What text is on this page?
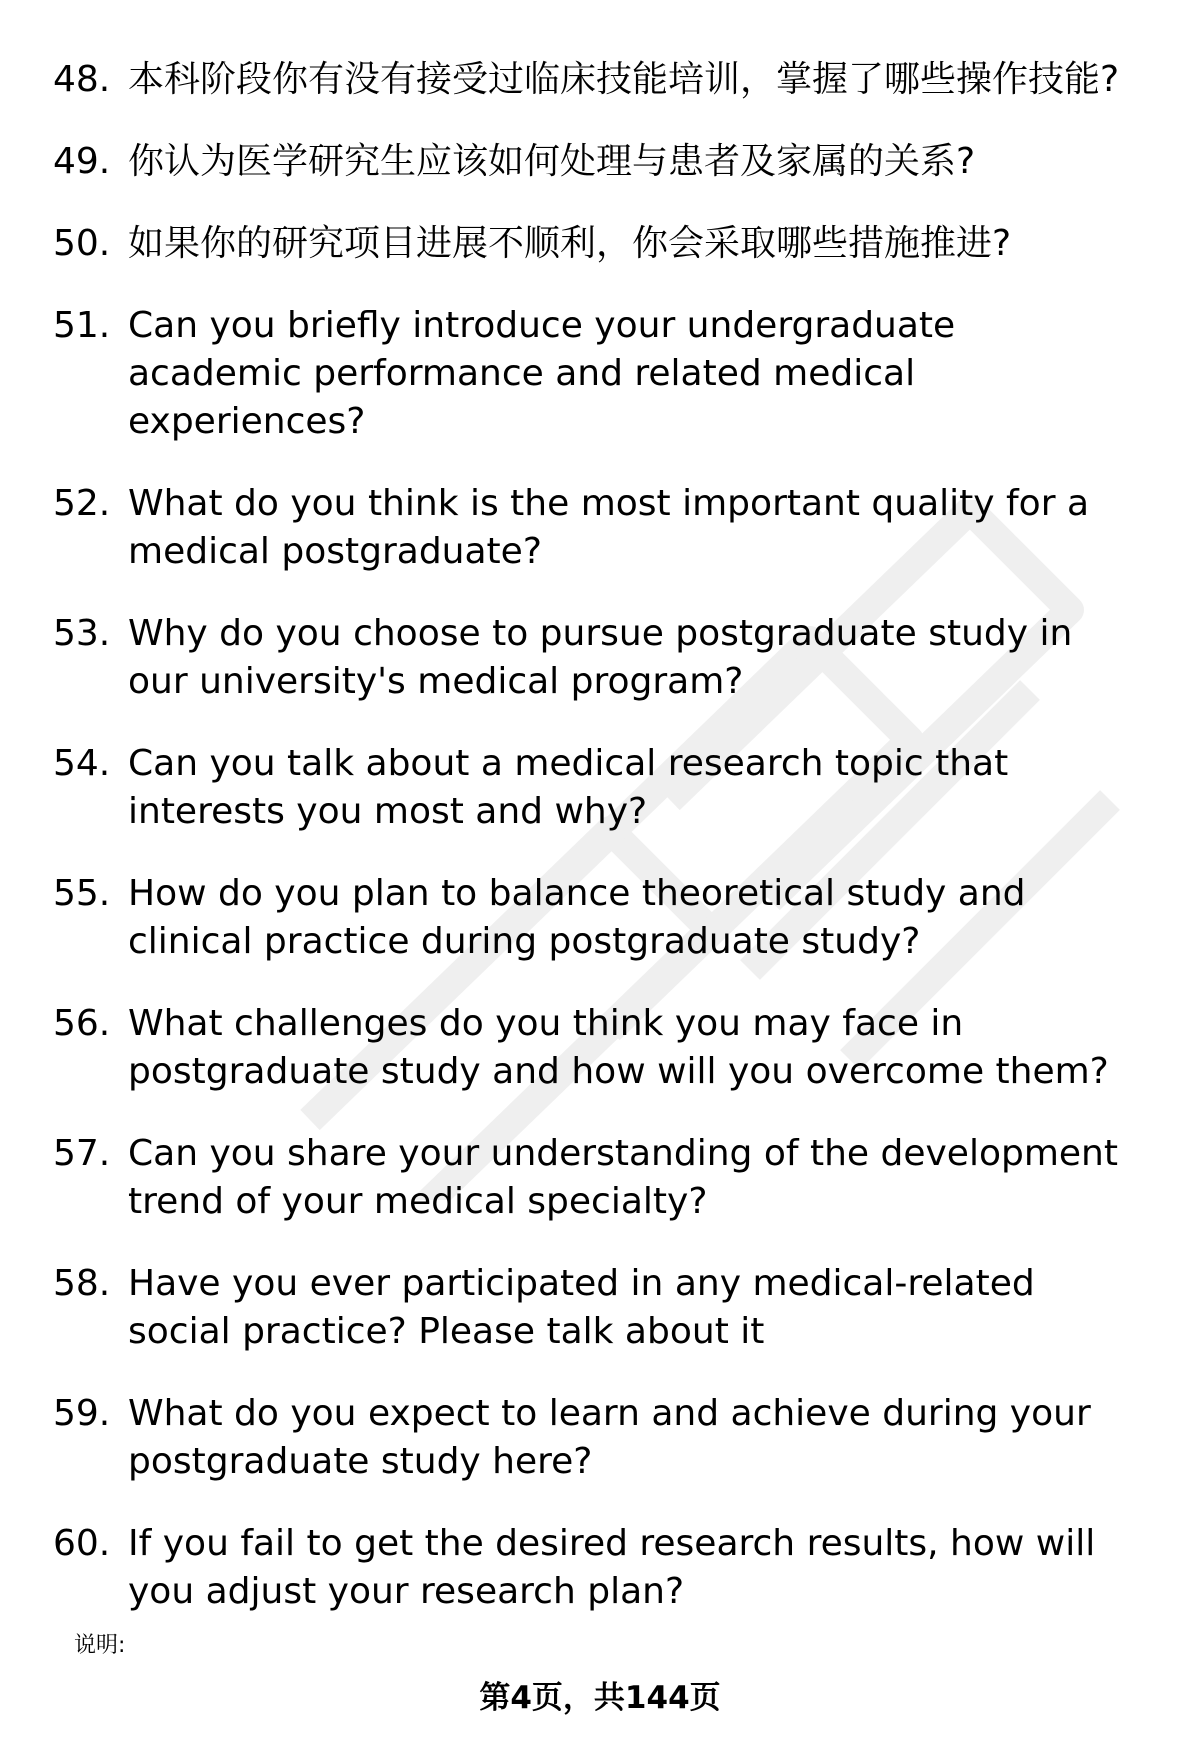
48. 本科阶段你有没有接受过临床技能培训，掌握了哪些操作技能?
49. 你认为医学研究生应该如何处理与患者及家属的关系?
50. 如果你的研究项目进展不顺利，你会采取哪些措施推进?
51. Can you briefly introduce your undergraduate academic performance and related medical experiences?
52. What do you think is the most important quality for a medical postgraduate?
53. Why do you choose to pursue postgraduate study in our university's medical program?
54. Can you talk about a medical research topic that interests you most and why?
55. How do you plan to balance theoretical study and clinical practice during postgraduate study?
56. What challenges do you think you may face in postgraduate study and how will you overcome them?
57. Can you share your understanding of the development trend of your medical specialty?
58. Have you ever participated in any medical-related social practice? Please talk about it
59. What do you expect to learn and achieve during your postgraduate study here?
60. If you fail to get the desired research results, how will you adjust your research plan?
说明:
第4页，共144页
